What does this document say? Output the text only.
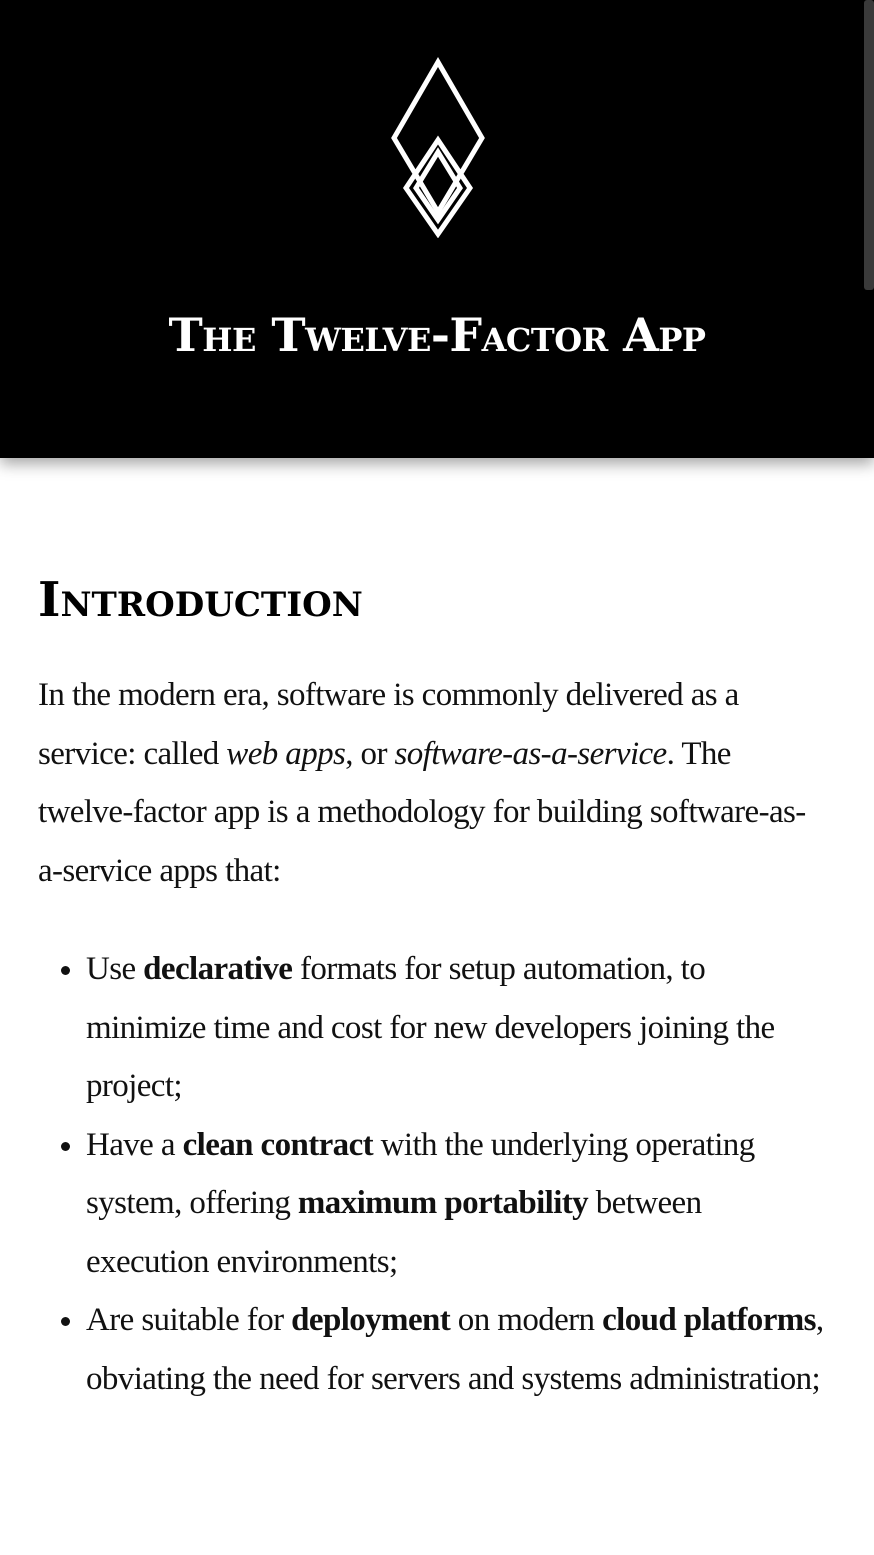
The Twelve-Factor App
Introduction

In the modern era, software is commonly delivered as a service: called web apps, or software-as-a-service. The twelve-factor app is a methodology for building software-as-a-service apps that:

• Use declarative formats for setup automation, to minimize time and cost for new developers joining the project;
• Have a clean contract with the underlying operating system, offering maximum portability between execution environments;
• Are suitable for deployment on modern cloud platforms, obviating the need for servers and systems administration;
